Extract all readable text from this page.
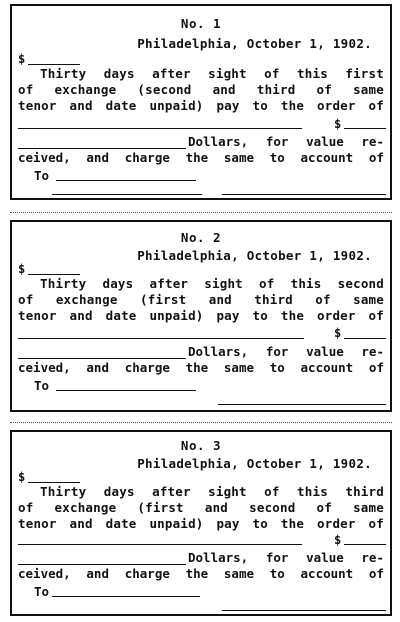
No. 1
Philadelphia, October 1, 1902.
$
Thirty days after sight of this first
of exchange (second and third of same
tenor and date unpaid) pay to the order of
$
Dollars, for value re-
ceived, and charge the same to account of
To
No. 2
Philadelphia, October 1, 1902.
$
Thirty days after sight of this second
of exchange (first and third of same
tenor and date unpaid) pay to the order of
$
Dollars, for value re-
ceived, and charge the same to account of
To
No. 3
Philadelphia, October 1, 1902.
$
Thirty days after sight of this third
of exchange (first and second of same
tenor and date unpaid) pay to the order of
$
Dollars, for value re-
ceived, and charge the same to account of
To
